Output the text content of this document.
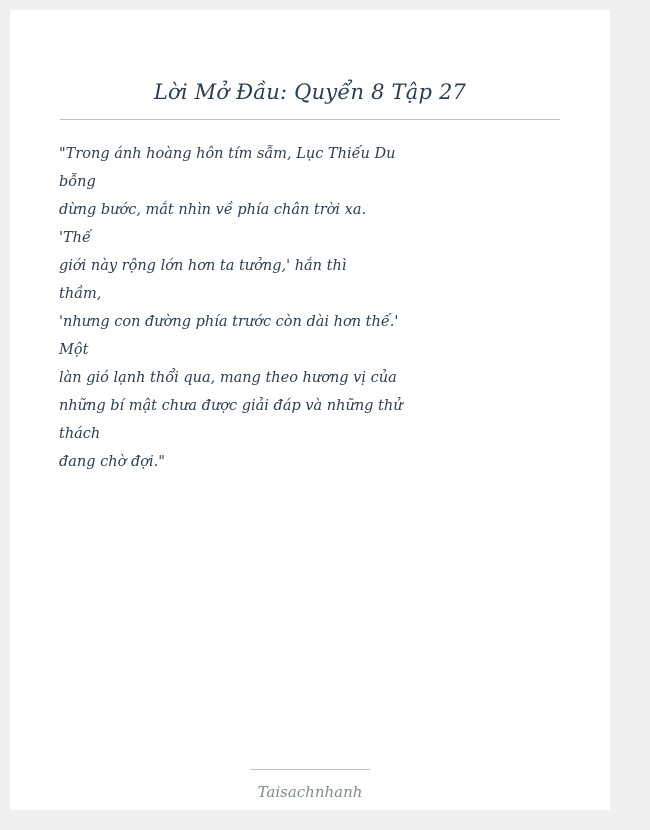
Lời Mở Đầu: Quyển 8 Tập 27
"Trong ánh hoàng hôn tím sẫm, Lục Thiếu Du
bỗng
dừng bước, mắt nhìn về phía chân trời xa.
'Thế
giới này rộng lớn hơn ta tưởng,' hắn thì
thầm,
'nhưng con đường phía trước còn dài hơn thế.'
Một
làn gió lạnh thổi qua, mang theo hương vị của
những bí mật chưa được giải đáp và những thử
thách
đang chờ đợi."
Taisachnhanh
